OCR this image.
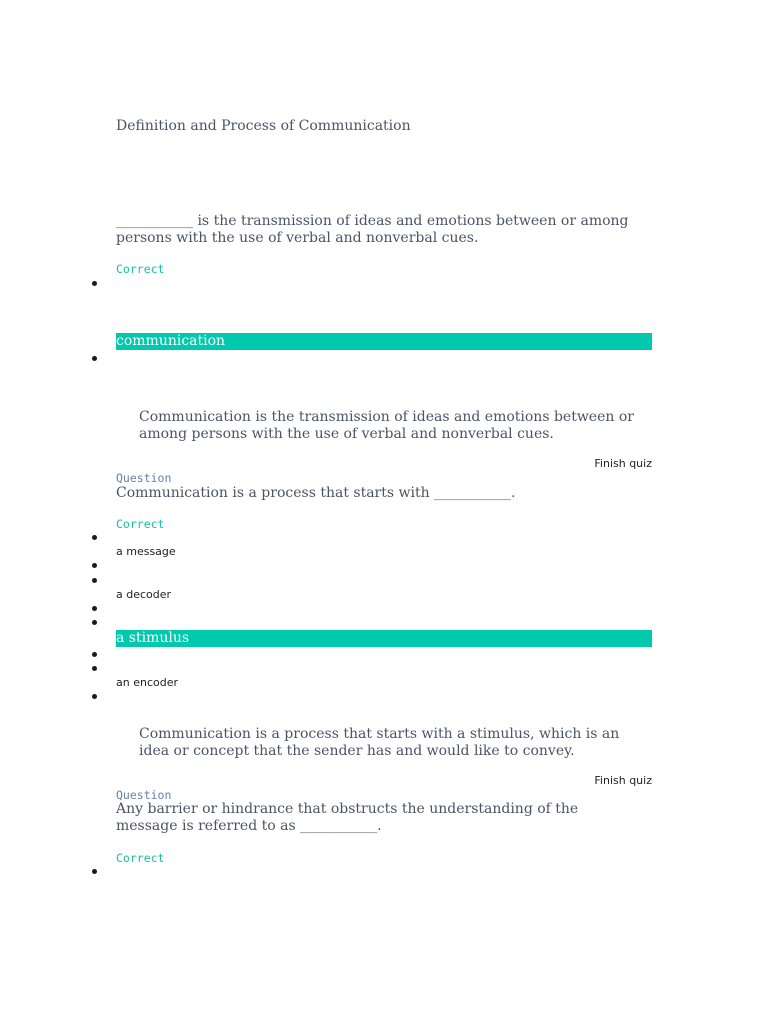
Definition and Process of Communication
___________ is the transmission of ideas and emotions between or among persons with the use of verbal and nonverbal cues.
Correct
communication
Communication is the transmission of ideas and emotions between or among persons with the use of verbal and nonverbal cues.
Finish quiz
Question
Communication is a process that starts with ___________.
Correct
a message
a decoder
a stimulus
an encoder
Communication is a process that starts with a stimulus, which is an idea or concept that the sender has and would like to convey.
Finish quiz
Question
Any barrier or hindrance that obstructs the understanding of the message is referred to as ___________.
Correct
